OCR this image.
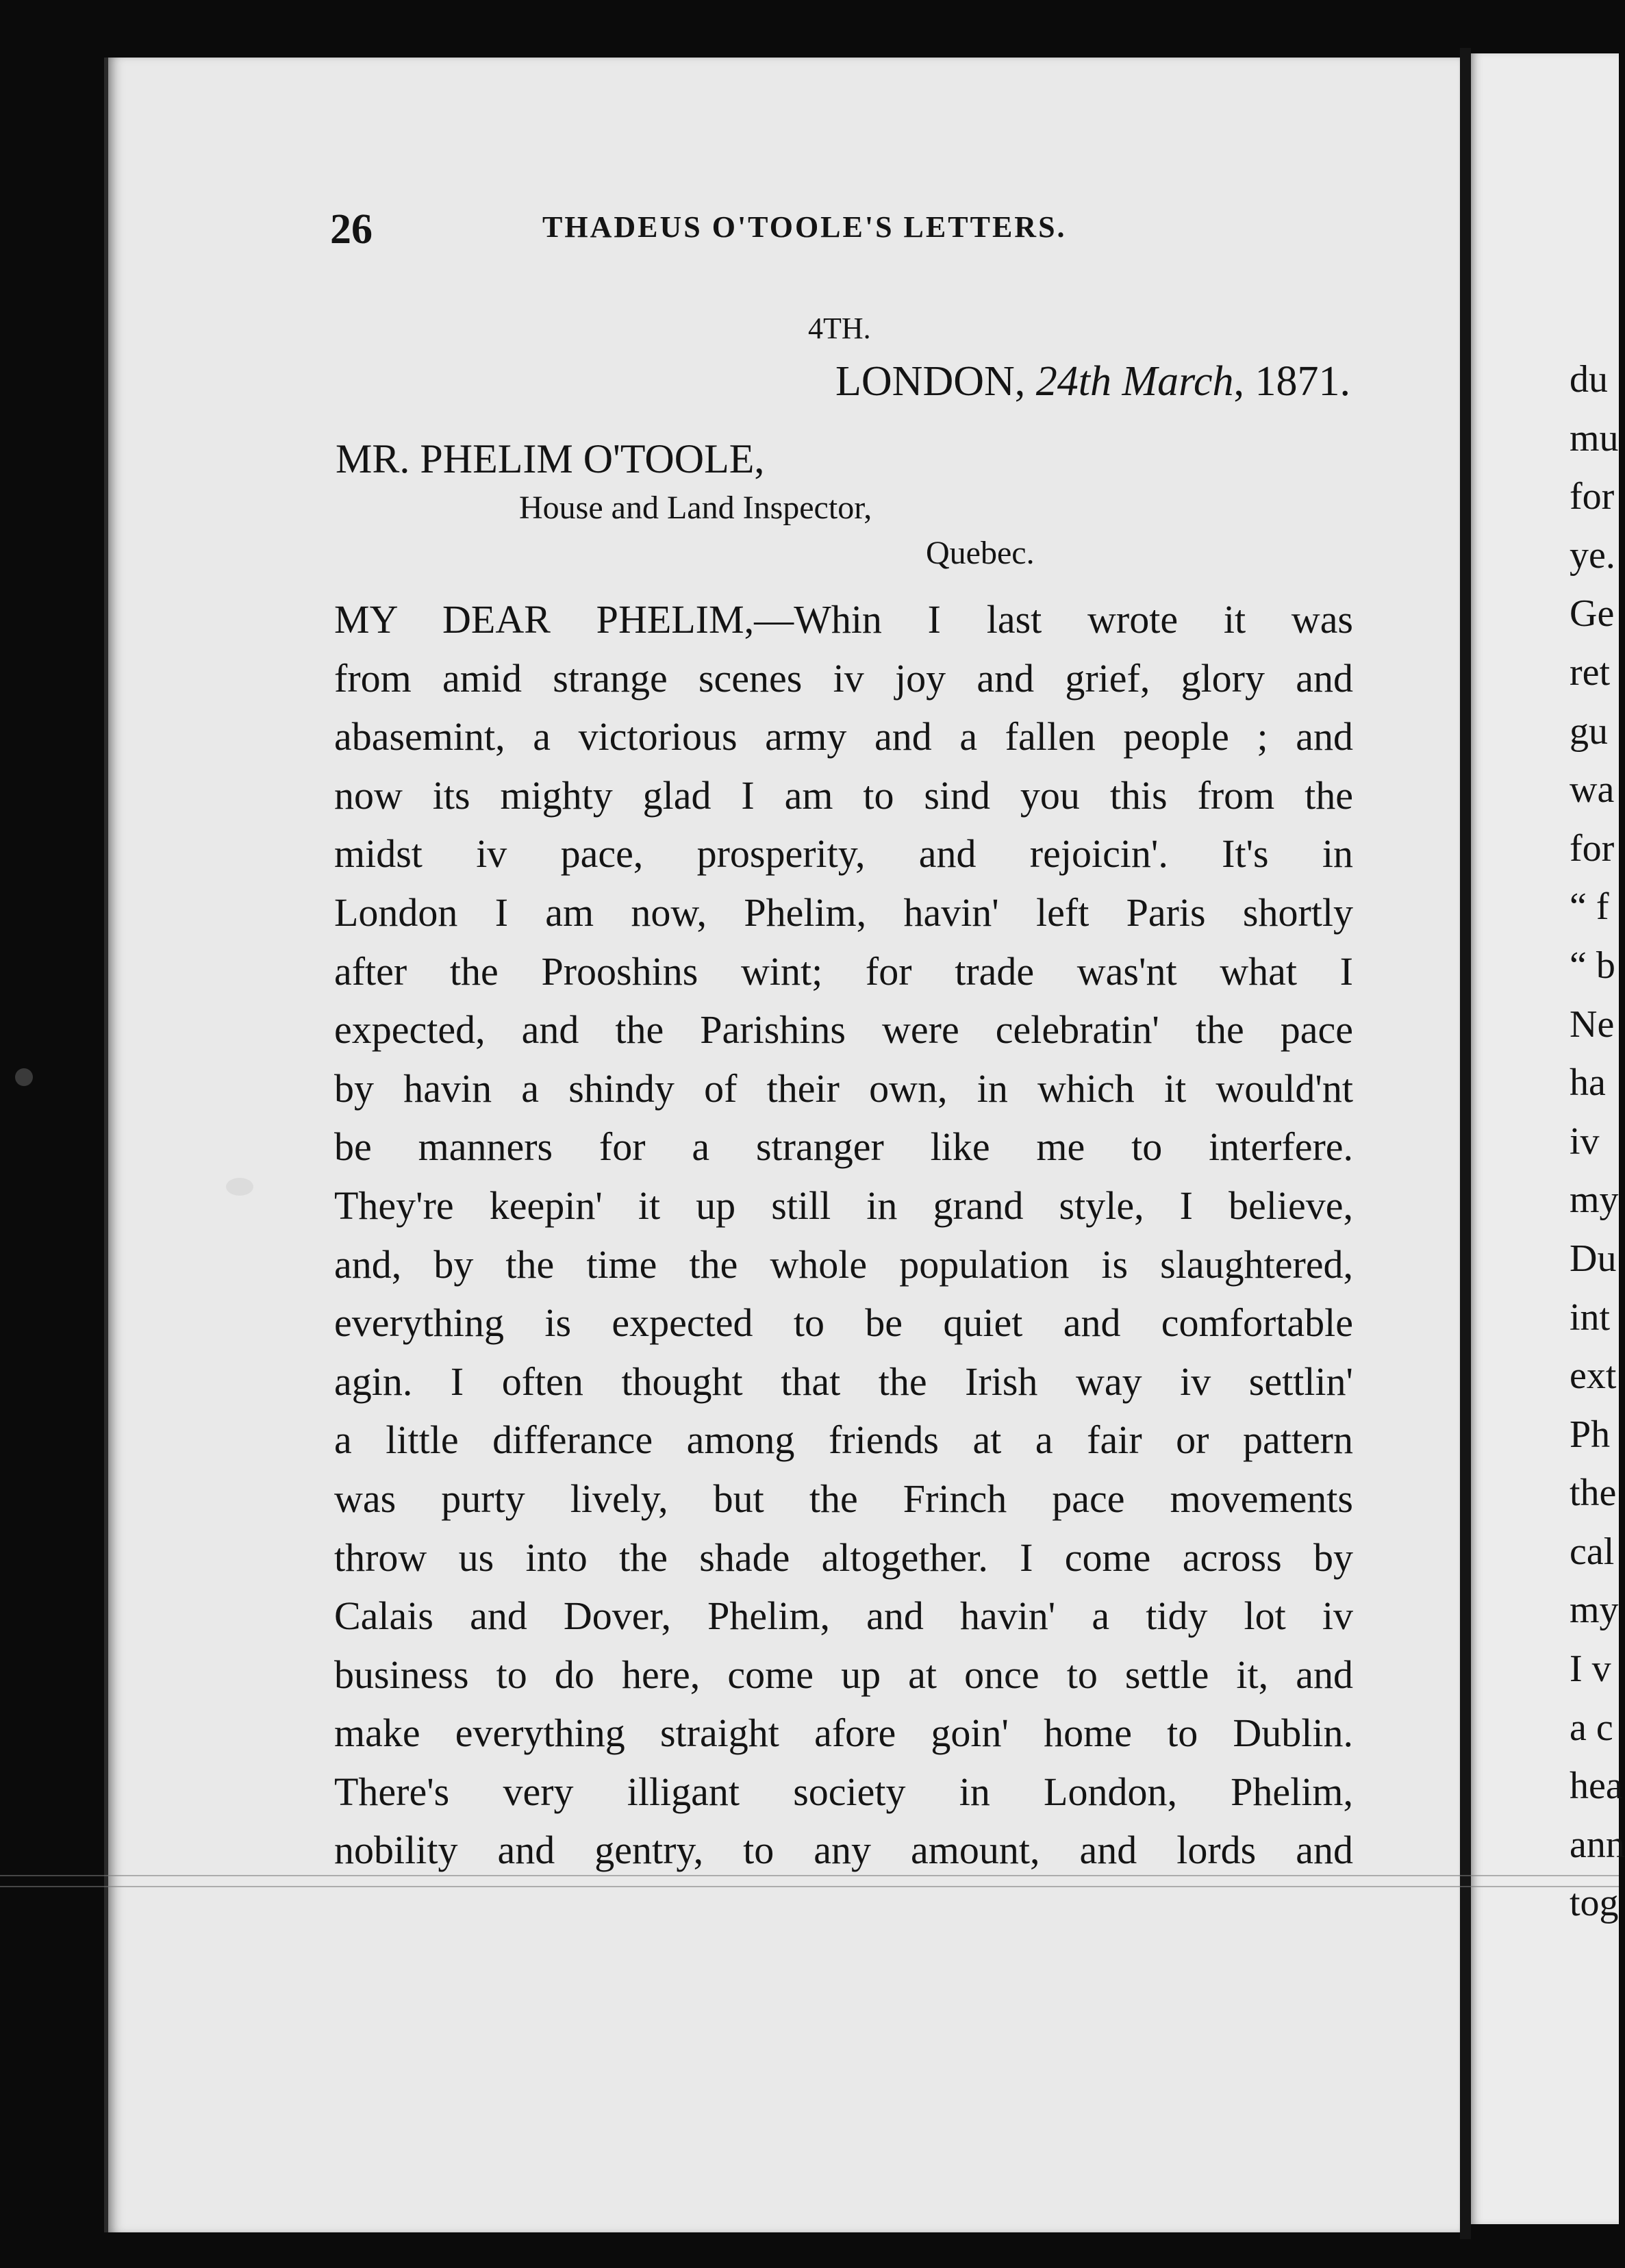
26	THADEUS O'TOOLE'S LETTERS.
4TH.
LONDON, 24th March, 1871.
MR. PHELIM O'TOOLE,
House and Land Inspector,
Quebec.
MY DEAR PHELIM,—Whin I last wrote it was
from amid strange scenes iv joy and grief, glory and
abasemint, a victorious army and a fallen people ; and
now its mighty glad I am to sind you this from the
midst iv pace, prosperity, and rejoicin'. It's in
London I am now, Phelim, havin' left Paris shortly
after the Prooshins wint; for trade was'nt what I
expected, and the Parishins were celebratin' the pace
by havin a shindy of their own, in which it would'nt
be manners for a stranger like me to interfere.
They're keepin' it up still in grand style, I believe,
and, by the time the whole population is slaughtered,
everything is expected to be quiet and comfortable
agin. I often thought that the Irish way iv settlin'
a little differance among friends at a fair or pattern
was purty lively, but the Frinch pace movements
throw us into the shade altogether. I come across by
Calais and Dover, Phelim, and havin' a tidy lot iv
business to do here, come up at once to settle it, and
make everything straight afore goin' home to Dublin.
There's very illigant society in London, Phelim,
nobility and gentry, to any amount, and lords and
du
mu
for
ye.
Ge
ret
gu
wa
for
“ f
“ b
Ne
ha
iv
my
Du
int
ext
Ph
the
cal
my
I v
a c
hea
ann
tog
